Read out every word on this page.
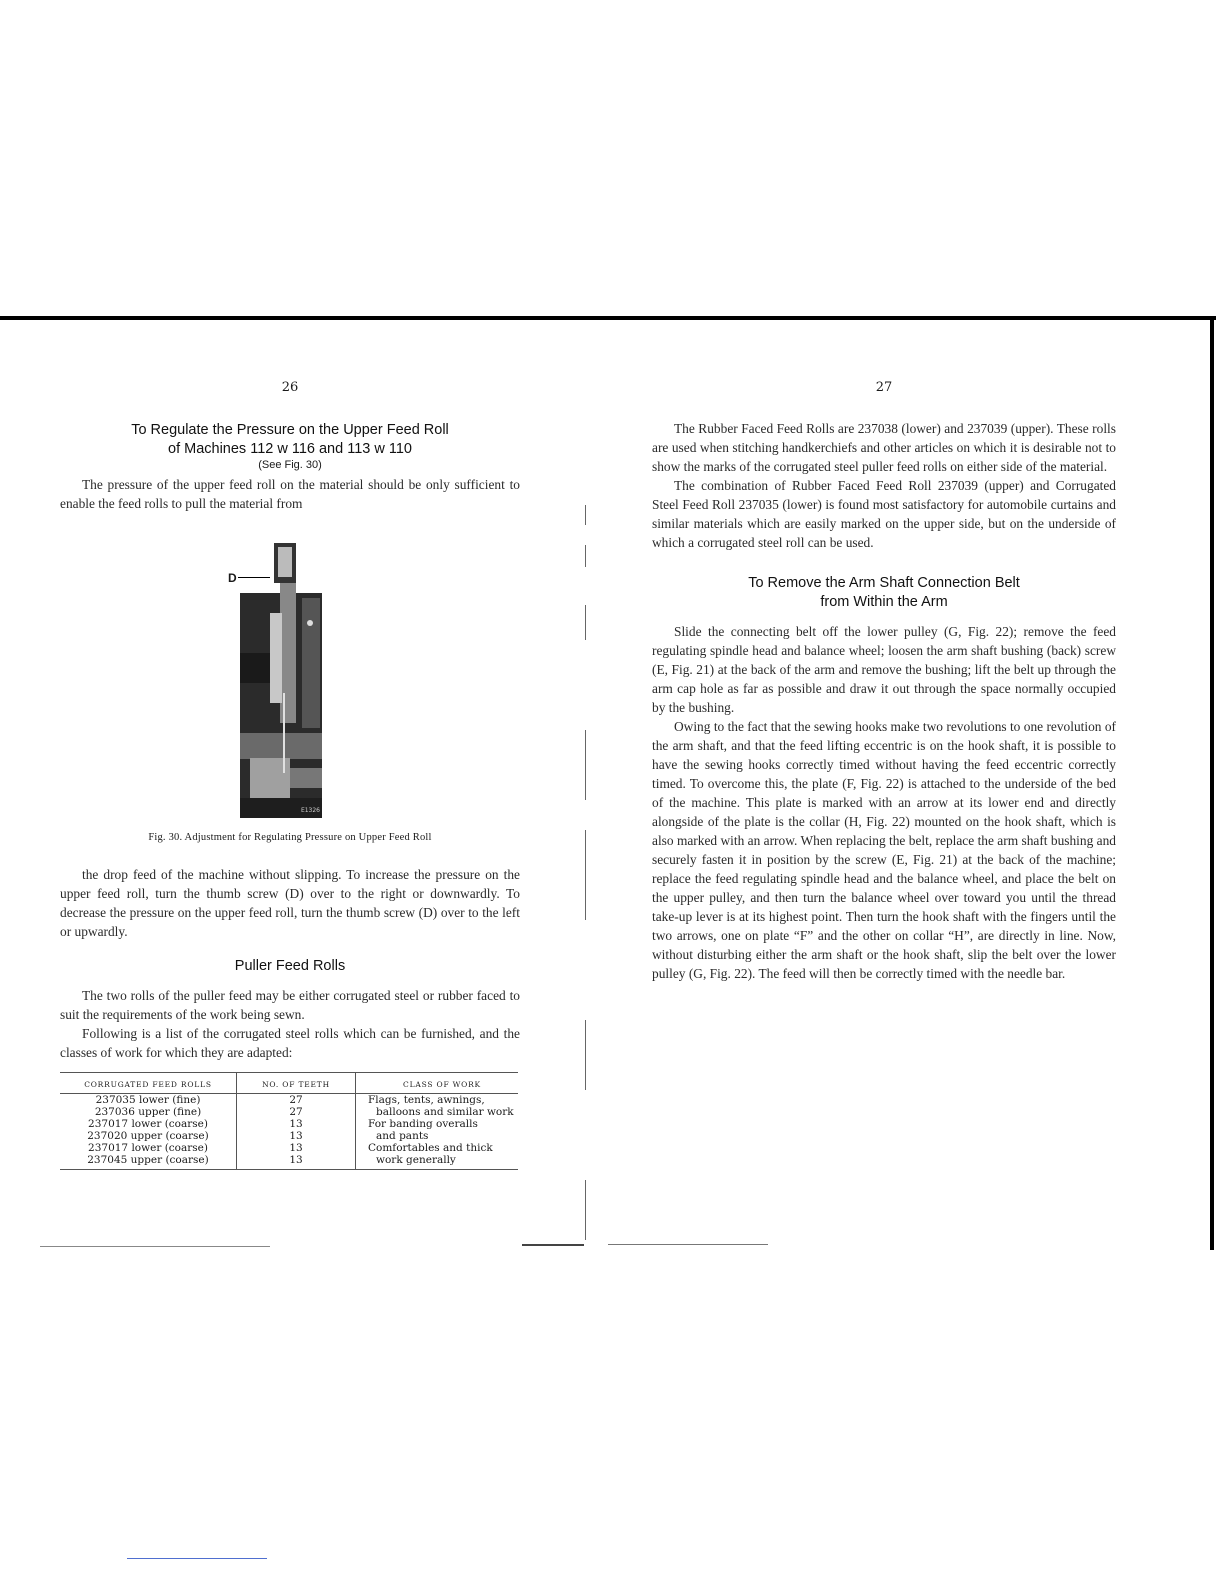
26
To Regulate the Pressure on the Upper Feed Roll
of Machines 112 w 116 and 113 w 110
(See Fig. 30)

The pressure of the upper feed roll on the material should be only sufficient to enable the feed rolls to pull the material from

D
E1326
Fig. 30. Adjustment for Regulating Pressure on Upper Feed Roll

the drop feed of the machine without slipping. To increase the pressure on the upper feed roll, turn the thumb screw (D) over to the right or downwardly. To decrease the pressure on the upper feed roll, turn the thumb screw (D) over to the left or upwardly.

Puller Feed Rolls

The two rolls of the puller feed may be either corrugated steel or rubber faced to suit the requirements of the work being sewn.

Following is a list of the corrugated steel rolls which can be furnished, and the classes of work for which they are adapted:

CORRUGATED FEED ROLLS	NO. OF TEETH	CLASS OF WORK
237035 lower (fine)	27	Flags, tents, awnings,
237036 upper (fine)	27	balloons and similar work
237017 lower (coarse)	13	For banding overalls
237020 upper (coarse)	13	and pants
237017 lower (coarse)	13	Comfortables and thick
237045 upper (coarse)	13	work generally
27

The Rubber Faced Feed Rolls are 237038 (lower) and 237039 (upper). These rolls are used when stitching handkerchiefs and other articles on which it is desirable not to show the marks of the corrugated steel puller feed rolls on either side of the material.

The combination of Rubber Faced Feed Roll 237039 (upper) and Corrugated Steel Feed Roll 237035 (lower) is found most satisfactory for automobile curtains and similar materials which are easily marked on the upper side, but on the underside of which a corrugated steel roll can be used.

To Remove the Arm Shaft Connection Belt
from Within the Arm

Slide the connecting belt off the lower pulley (G, Fig. 22); remove the feed regulating spindle head and balance wheel; loosen the arm shaft bushing (back) screw (E, Fig. 21) at the back of the arm and remove the bushing; lift the belt up through the arm cap hole as far as possible and draw it out through the space normally occupied by the bushing.

Owing to the fact that the sewing hooks make two revolutions to one revolution of the arm shaft, and that the feed lifting eccentric is on the hook shaft, it is possible to have the sewing hooks correctly timed without having the feed eccentric correctly timed. To overcome this, the plate (F, Fig. 22) is attached to the underside of the bed of the machine. This plate is marked with an arrow at its lower end and directly alongside of the plate is the collar (H, Fig. 22) mounted on the hook shaft, which is also marked with an arrow. When replacing the belt, replace the arm shaft bushing and securely fasten it in position by the screw (E, Fig. 21) at the back of the machine; replace the feed regulating spindle head and the balance wheel, and place the belt on the upper pulley, and then turn the balance wheel over toward you until the thread take-up lever is at its highest point. Then turn the hook shaft with the fingers until the two arrows, one on plate “F” and the other on collar “H”, are directly in line. Now, without disturbing either the arm shaft or the hook shaft, slip the belt over the lower pulley (G, Fig. 22). The feed will then be correctly timed with the needle bar.
